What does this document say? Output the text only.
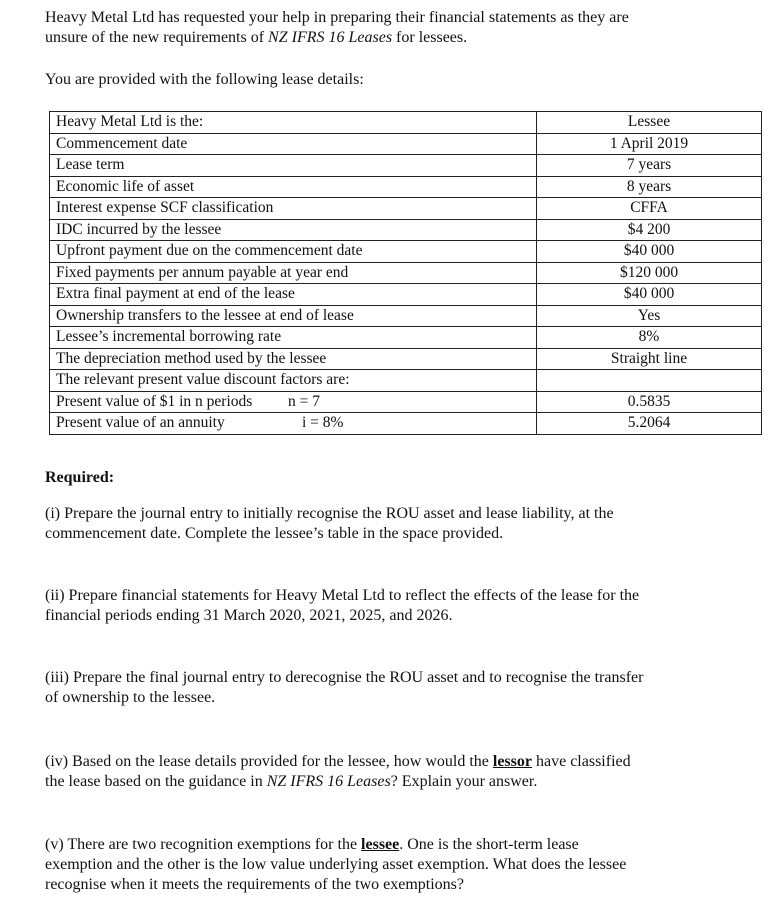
Heavy Metal Ltd has requested your help in preparing their financial statements as they are
unsure of the new requirements of NZ IFRS 16 Leases for lessees.

You are provided with the following lease details:

Heavy Metal Ltd is the:	Lessee
Commencement date	1 April 2019
Lease term	7 years
Economic life of asset	8 years
Interest expense SCF classification	CFFA
IDC incurred by the lessee	$4 200
Upfront payment due on the commencement date	$40 000
Fixed payments per annum payable at year end	$120 000
Extra final payment at end of the lease	$40 000
Ownership transfers to the lessee at end of lease	Yes
Lessee’s incremental borrowing rate	8%
The depreciation method used by the lessee	Straight line
The relevant present value discount factors are:	
Present value of $1 in n periods n = 7	0.5835
Present value of an annuity i = 8%	5.2064

Required:

(i) Prepare the journal entry to initially recognise the ROU asset and lease liability, at the
commencement date. Complete the lessee’s table in the space provided.

(ii) Prepare financial statements for Heavy Metal Ltd to reflect the effects of the lease for the
financial periods ending 31 March 2020, 2021, 2025, and 2026.

(iii) Prepare the final journal entry to derecognise the ROU asset and to recognise the transfer
of ownership to the lessee.

(iv) Based on the lease details provided for the lessee, how would the lessor have classified
the lease based on the guidance in NZ IFRS 16 Leases? Explain your answer.

(v) There are two recognition exemptions for the lessee. One is the short-term lease
exemption and the other is the low value underlying asset exemption. What does the lessee
recognise when it meets the requirements of the two exemptions?
